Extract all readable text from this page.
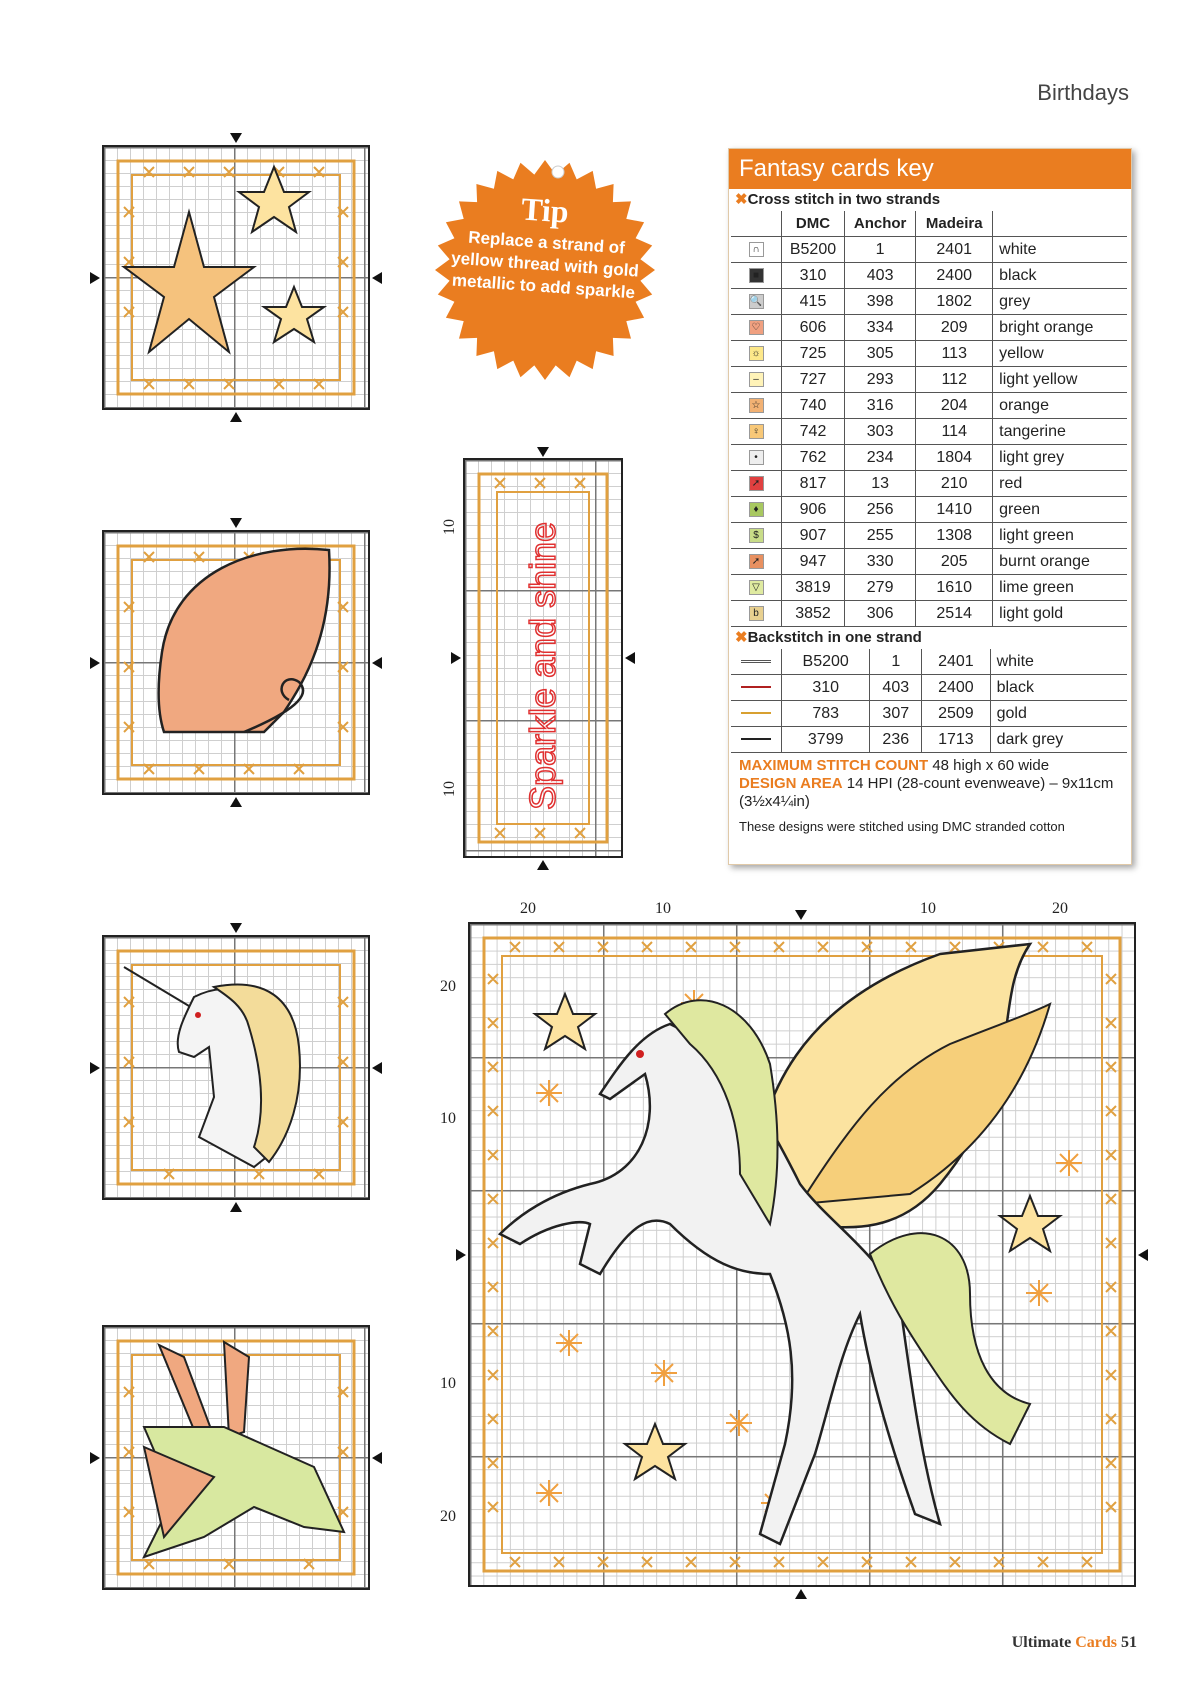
Birthdays
Tip
Replace a strand of yellow thread with gold metallic to add sparkle
Sparkle and shine
10
10
20	10	10	20
20
10
10
20
Fantasy cards key
✖Cross stitch in two strands
	DMC	Anchor	Madeira	
∩	B5200	1	2401	white
■	310	403	2400	black
🔍	415	398	1802	grey
♡	606	334	209	bright orange
☼	725	305	113	yellow
–	727	293	112	light yellow
☆	740	316	204	orange
♀	742	303	114	tangerine
•	762	234	1804	light grey
➚	817	13	210	red
♦	906	256	1410	green
$	907	255	1308	light green
➚	947	330	205	burnt orange
▽	3819	279	1610	lime green
b	3852	306	2514	light gold
✖Backstitch in one strand
	B5200	1	2401	white
	310	403	2400	black
	783	307	2509	gold
	3799	236	1713	dark grey
MAXIMUM STITCH COUNT 48 high x 60 wide
DESIGN AREA 14 HPI (28-count evenweave) – 9x11cm (3½x4¼in)
These designs were stitched using DMC stranded cotton
Ultimate Cards 51
